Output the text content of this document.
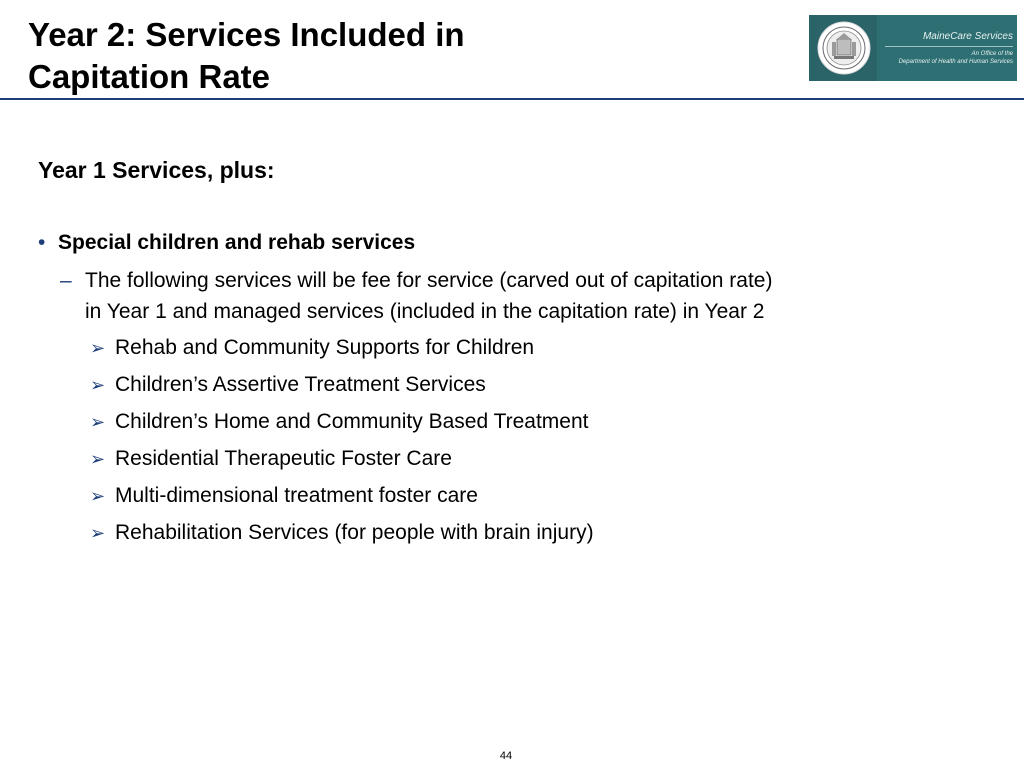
Year 2: Services Included in
Capitation Rate
MaineCare Services
An Office of the
Department of Health and Human Services

Year 1 Services, plus:

• Special children and rehab services
– The following services will be fee for service (carved out of capitation rate)
in Year 1 and managed services (included in the capitation rate) in Year 2
➢ Rehab and Community Supports for Children
➢ Children’s Assertive Treatment Services
➢ Children’s Home and Community Based Treatment
➢ Residential Therapeutic Foster Care
➢ Multi-dimensional treatment foster care
➢ Rehabilitation Services (for people with brain injury)
44
